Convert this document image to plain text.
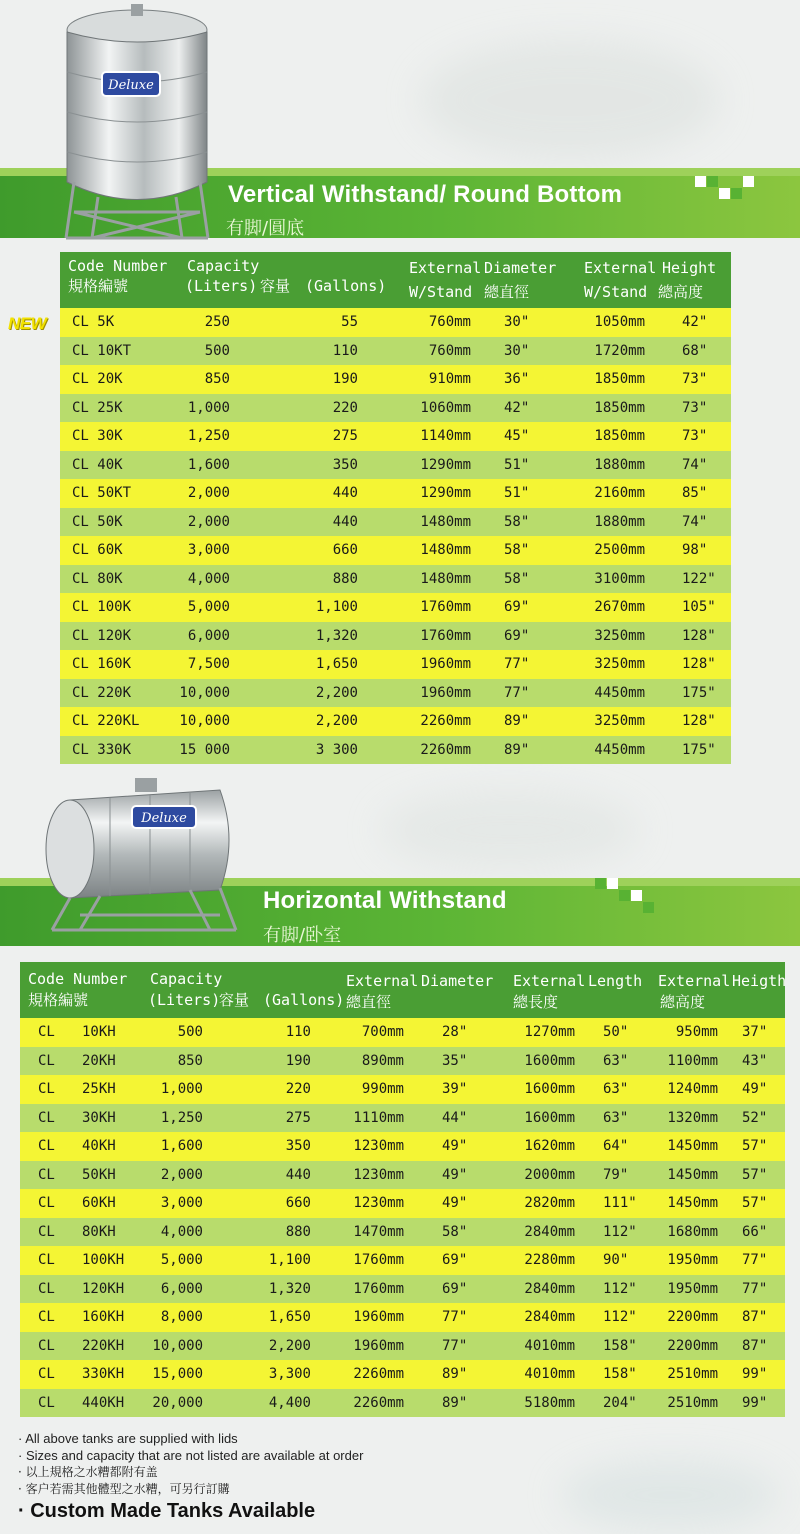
Vertical Withstand/ Round Bottom
有脚/圓底
Deluxe
NEW
Code Number
規格編號
Capacity
(Liters) 容量 (Gallons)
External Diameter
W/Stand 總直徑
External Height
W/Stand 總高度
CL 5K	250	55	760mm 30"	1050mm	42"
CL 10KT	500	110	760mm 30"	1720mm	68"
CL 20K	850	190	910mm 36"	1850mm	73"
CL 25K	1,000	220	1060mm 42"	1850mm	73"
CL 30K	1,250	275	1140mm 45"	1850mm	73"
CL 40K	1,600	350	1290mm 51"	1880mm	74"
CL 50KT	2,000	440	1290mm 51"	2160mm	85"
CL 50K	2,000	440	1480mm 58"	1880mm	74"
CL 60K	3,000	660	1480mm 58"	2500mm	98"
CL 80K	4,000	880	1480mm 58"	3100mm	122"
CL 100K	5,000	1,100	1760mm 69"	2670mm	105"
CL 120K	6,000	1,320	1760mm 69"	3250mm	128"
CL 160K	7,500	1,650	1960mm 77"	3250mm	128"
CL 220K	10,000	2,200	1960mm 77"	4450mm	175"
CL 220KL	10,000	2,200	2260mm 89"	3250mm	128"
CL 330K	15 000	3 300	2260mm 89"	4450mm	175"
Horizontal Withstand
有脚/卧室
Deluxe
Code Number
規格編號
Capacity
(Liters)
容量 (Gallons)
External Diameter
總直徑
External Length
總長度
External Heigth
總高度
CL 10KH	500	110	700mm	28"	1270mm 50"	950mm 37"
CL 20KH	850	190	890mm	35"	1600mm 63"	1100mm 43"
CL 25KH	1,000	220	990mm	39"	1600mm 63"	1240mm 49"
CL 30KH	1,250	275	1110mm	44"	1600mm 63"	1320mm 52"
CL 40KH	1,600	350	1230mm	49"	1620mm 64"	1450mm 57"
CL 50KH	2,000	440	1230mm	49"	2000mm 79"	1450mm 57"
CL 60KH	3,000	660	1230mm	49"	2820mm 111"	1450mm 57"
CL 80KH	4,000	880	1470mm	58"	2840mm 112"	1680mm 66"
CL 100KH	5,000	1,100	1760mm	69"	2280mm 90"	1950mm 77"
CL 120KH	6,000	1,320	1760mm	69"	2840mm 112"	1950mm 77"
CL 160KH	8,000	1,650	1960mm	77"	2840mm 112"	2200mm 87"
CL 220KH	10,000	2,200	1960mm	77"	4010mm 158"	2200mm 87"
CL 330KH	15,000	3,300	2260mm	89"	4010mm 158"	2510mm 99"
CL 440KH	20,000	4,400	2260mm	89"	5180mm 204"	2510mm 99"
· All above tanks are supplied with lids
· Sizes and capacity that are not listed are available at order
· 以上規格之水糟都附有盖
· 客户若需其他體型之水糟，可另行訂購
· Custom Made Tanks Available
